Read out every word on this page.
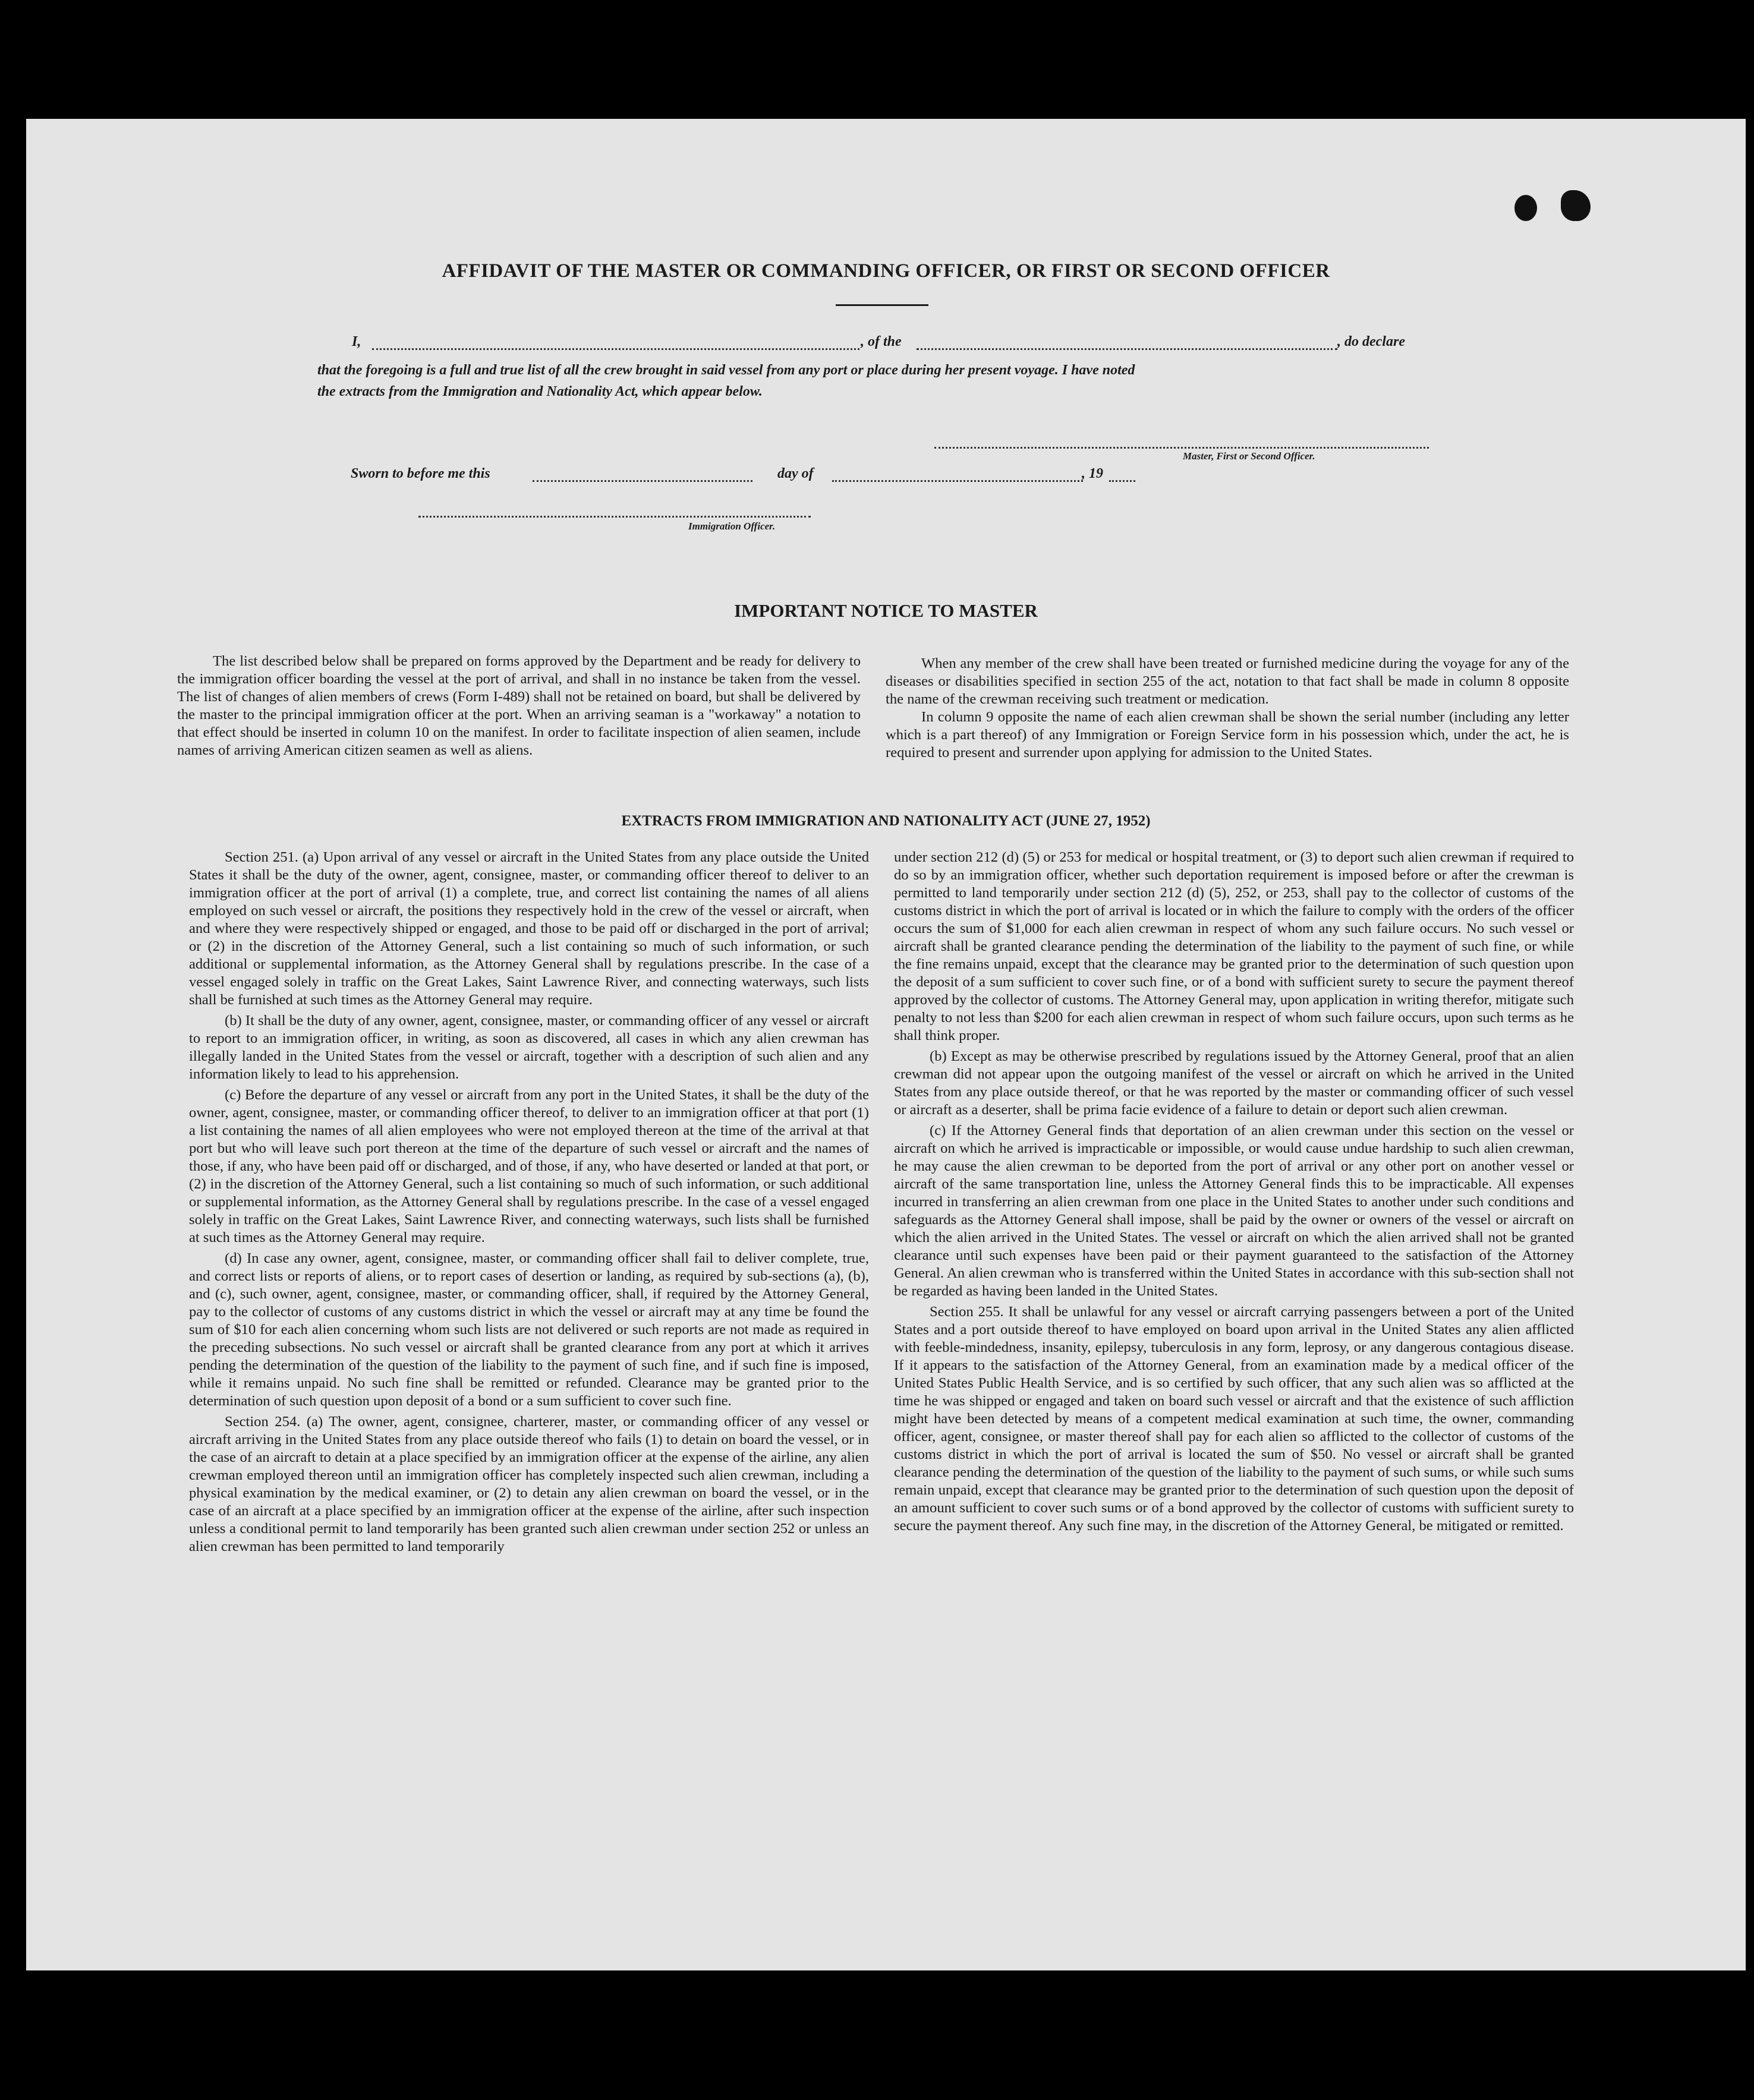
AFFIDAVIT OF THE MASTER OR COMMANDING OFFICER, OR FIRST OR SECOND OFFICER
I,	, of the	, do declare
that the foregoing is a full and true list of all the crew brought in said vessel from any port or place during her present voyage. I have noted
the extracts from the Immigration and Nationality Act, which appear below.
Master, First or Second Officer.
Sworn to before me this	day of	, 19
Immigration Officer.
IMPORTANT NOTICE TO MASTER

The list described below shall be prepared on forms approved by the Department and be ready for delivery to the immigration officer boarding the vessel at the port of arrival, and shall in no instance be taken from the vessel. The list of changes of alien members of crews (Form I-489) shall not be retained on board, but shall be delivered by the master to the principal immigration officer at the port. When an arriving seaman is a "workaway" a notation to that effect should be inserted in column 10 on the manifest. In order to facilitate inspection of alien seamen, include names of arriving American citizen seamen as well as aliens.

When any member of the crew shall have been treated or furnished medicine during the voyage for any of the diseases or disabilities specified in section 255 of the act, notation to that fact shall be made in column 8 opposite the name of the crewman receiving such treatment or medication.

In column 9 opposite the name of each alien crewman shall be shown the serial number (including any letter which is a part thereof) of any Immigration or Foreign Service form in his possession which, under the act, he is required to present and surrender upon applying for admission to the United States.

EXTRACTS FROM IMMIGRATION AND NATIONALITY ACT (JUNE 27, 1952)

Section 251. (a) Upon arrival of any vessel or aircraft in the United States from any place outside the United States it shall be the duty of the owner, agent, consignee, master, or commanding officer thereof to deliver to an immigration officer at the port of arrival (1) a complete, true, and correct list containing the names of all aliens employed on such vessel or aircraft, the positions they respectively hold in the crew of the vessel or aircraft, when and where they were respectively shipped or engaged, and those to be paid off or discharged in the port of arrival; or (2) in the discretion of the Attorney General, such a list containing so much of such information, or such additional or supplemental information, as the Attorney General shall by regulations prescribe. In the case of a vessel engaged solely in traffic on the Great Lakes, Saint Lawrence River, and connecting waterways, such lists shall be furnished at such times as the Attorney General may require.

(b) It shall be the duty of any owner, agent, consignee, master, or commanding officer of any vessel or aircraft to report to an immigration officer, in writing, as soon as discovered, all cases in which any alien crewman has illegally landed in the United States from the vessel or aircraft, together with a description of such alien and any information likely to lead to his apprehension.

(c) Before the departure of any vessel or aircraft from any port in the United States, it shall be the duty of the owner, agent, consignee, master, or commanding officer thereof, to deliver to an immigration officer at that port (1) a list containing the names of all alien employees who were not employed thereon at the time of the arrival at that port but who will leave such port thereon at the time of the departure of such vessel or aircraft and the names of those, if any, who have been paid off or discharged, and of those, if any, who have deserted or landed at that port, or (2) in the discretion of the Attorney General, such a list containing so much of such information, or such additional or supplemental information, as the Attorney General shall by regulations prescribe. In the case of a vessel engaged solely in traffic on the Great Lakes, Saint Lawrence River, and connecting waterways, such lists shall be furnished at such times as the Attorney General may require.

(d) In case any owner, agent, consignee, master, or commanding officer shall fail to deliver complete, true, and correct lists or reports of aliens, or to report cases of desertion or landing, as required by sub-sections (a), (b), and (c), such owner, agent, consignee, master, or commanding officer, shall, if required by the Attorney General, pay to the collector of customs of any customs district in which the vessel or aircraft may at any time be found the sum of $10 for each alien concerning whom such lists are not delivered or such reports are not made as required in the preceding subsections. No such vessel or aircraft shall be granted clearance from any port at which it arrives pending the determination of the question of the liability to the payment of such fine, and if such fine is imposed, while it remains unpaid. No such fine shall be remitted or refunded. Clearance may be granted prior to the determination of such question upon deposit of a bond or a sum sufficient to cover such fine.

Section 254. (a) The owner, agent, consignee, charterer, master, or commanding officer of any vessel or aircraft arriving in the United States from any place outside thereof who fails (1) to detain on board the vessel, or in the case of an aircraft to detain at a place specified by an immigration officer at the expense of the airline, any alien crewman employed thereon until an immigration officer has completely inspected such alien crewman, including a physical examination by the medical examiner, or (2) to detain any alien crewman on board the vessel, or in the case of an aircraft at a place specified by an immigration officer at the expense of the airline, after such inspection unless a conditional permit to land temporarily has been granted such alien crewman under section 252 or unless an alien crewman has been permitted to land temporarily

under section 212 (d) (5) or 253 for medical or hospital treatment, or (3) to deport such alien crewman if required to do so by an immigration officer, whether such deportation requirement is imposed before or after the crewman is permitted to land temporarily under section 212 (d) (5), 252, or 253, shall pay to the collector of customs of the customs district in which the port of arrival is located or in which the failure to comply with the orders of the officer occurs the sum of $1,000 for each alien crewman in respect of whom any such failure occurs. No such vessel or aircraft shall be granted clearance pending the determination of the liability to the payment of such fine, or while the fine remains unpaid, except that the clearance may be granted prior to the determination of such question upon the deposit of a sum sufficient to cover such fine, or of a bond with sufficient surety to secure the payment thereof approved by the collector of customs. The Attorney General may, upon application in writing therefor, mitigate such penalty to not less than $200 for each alien crewman in respect of whom such failure occurs, upon such terms as he shall think proper.

(b) Except as may be otherwise prescribed by regulations issued by the Attorney General, proof that an alien crewman did not appear upon the outgoing manifest of the vessel or aircraft on which he arrived in the United States from any place outside thereof, or that he was reported by the master or commanding officer of such vessel or aircraft as a deserter, shall be prima facie evidence of a failure to detain or deport such alien crewman.

(c) If the Attorney General finds that deportation of an alien crewman under this section on the vessel or aircraft on which he arrived is impracticable or impossible, or would cause undue hardship to such alien crewman, he may cause the alien crewman to be deported from the port of arrival or any other port on another vessel or aircraft of the same transportation line, unless the Attorney General finds this to be impracticable. All expenses incurred in transferring an alien crewman from one place in the United States to another under such conditions and safeguards as the Attorney General shall impose, shall be paid by the owner or owners of the vessel or aircraft on which the alien arrived in the United States. The vessel or aircraft on which the alien arrived shall not be granted clearance until such expenses have been paid or their payment guaranteed to the satisfaction of the Attorney General. An alien crewman who is transferred within the United States in accordance with this sub-section shall not be regarded as having been landed in the United States.

Section 255. It shall be unlawful for any vessel or aircraft carrying passengers between a port of the United States and a port outside thereof to have employed on board upon arrival in the United States any alien afflicted with feeble-mindedness, insanity, epilepsy, tuberculosis in any form, leprosy, or any dangerous contagious disease. If it appears to the satisfaction of the Attorney General, from an examination made by a medical officer of the United States Public Health Service, and is so certified by such officer, that any such alien was so afflicted at the time he was shipped or engaged and taken on board such vessel or aircraft and that the existence of such affliction might have been detected by means of a competent medical examination at such time, the owner, commanding officer, agent, consignee, or master thereof shall pay for each alien so afflicted to the collector of customs of the customs district in which the port of arrival is located the sum of $50. No vessel or aircraft shall be granted clearance pending the determination of the question of the liability to the payment of such sums, or while such sums remain unpaid, except that clearance may be granted prior to the determination of such question upon the deposit of an amount sufficient to cover such sums or of a bond approved by the collector of customs with sufficient surety to secure the payment thereof. Any such fine may, in the discretion of the Attorney General, be mitigated or remitted.
